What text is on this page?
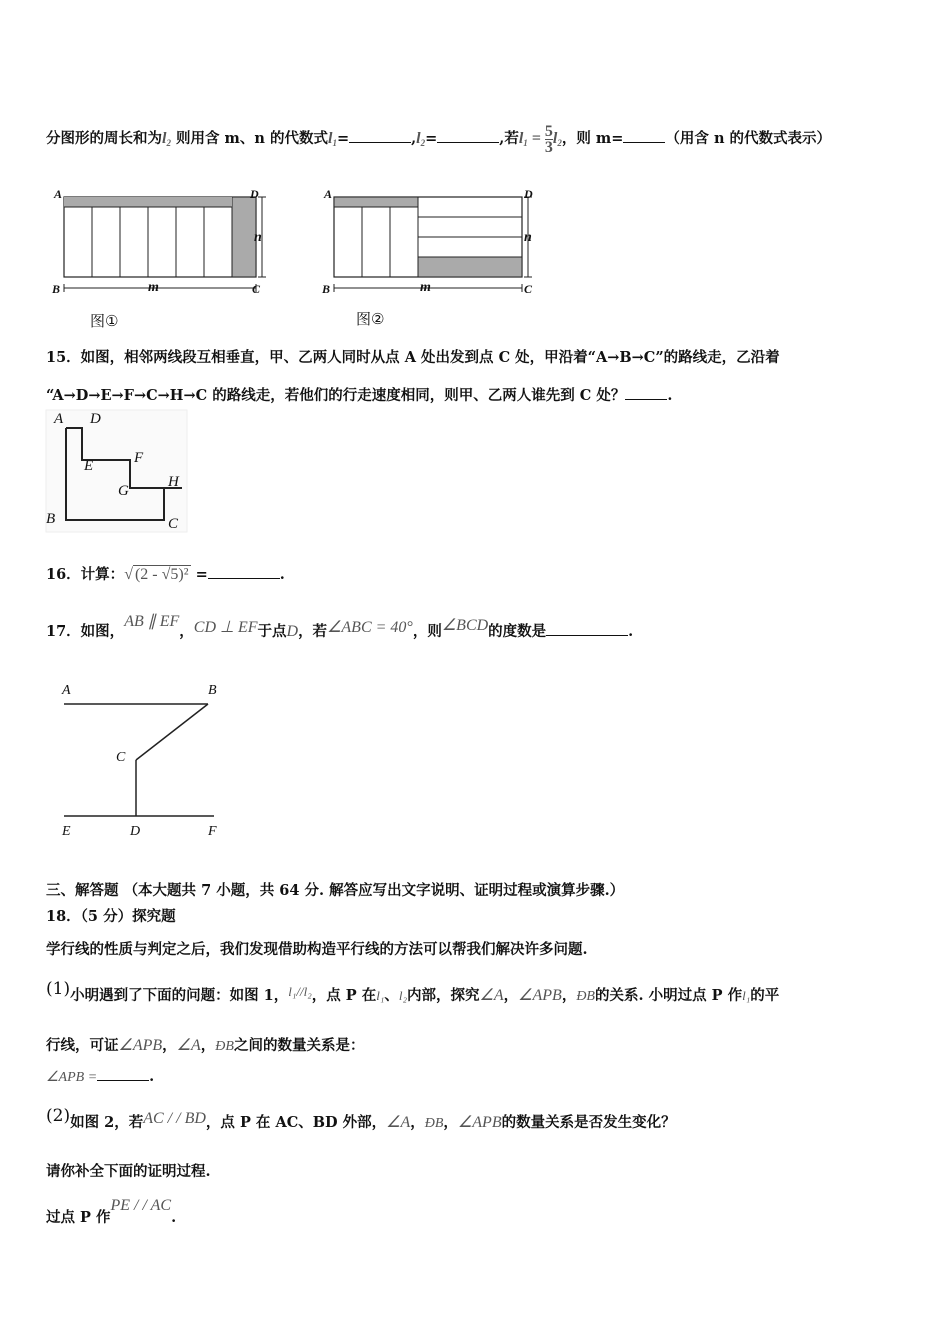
分图形的周长和为$l_2$ 则用含 m、n 的代数式$l_1=$	$,l_2=$	,若$l_1 = \frac{5}{3} l_2$，则 m=	（用含 n 的代数式表示）
A	D
B	C
n
m
图①
A	D
B	C
n
m
图②
15．如图，相邻两线段互相垂直，甲、乙两人同时从点 A 处出发到点 C 处，甲沿着“A→B→C”的路线走，乙沿着
“A→D→E→F→C→H→C 的路线走，若他们的行走速度相同，则甲、乙两人谁先到 C 处？	.
A D
E	F
G
H
B	C
16．计算：√ (2 - √5)² =	.
17．如图，AB ∥ EF，CD ⊥ EF于点D，若∠ABC = 40°，则∠BCD的度数是	.
A	B
C
E	D	F
三、解答题 （本大题共 7 小题，共 64 分. 解答应写出文字说明、证明过程或演算步骤.）
18．（5 分）探究题
学行线的性质与判定之后，我们发现借助构造平行线的方法可以帮我们解决许多问题.
(1)小明遇到了下面的问题：如图 1，l₁//l₂，点 P 在l₁、l₂内部，探究∠A，∠APB，ÐB的关系. 小明过点 P 作l₁的平
行线，可证∠APB，∠A，ÐB之间的数量关系是：
∠APB =	.
(2)如图 2，若AC / / BD，点 P 在 AC、BD 外部，∠A，ÐB，∠APB的数量关系是否发生变化？
请你补全下面的证明过程.
过点 P 作PE / / AC.
